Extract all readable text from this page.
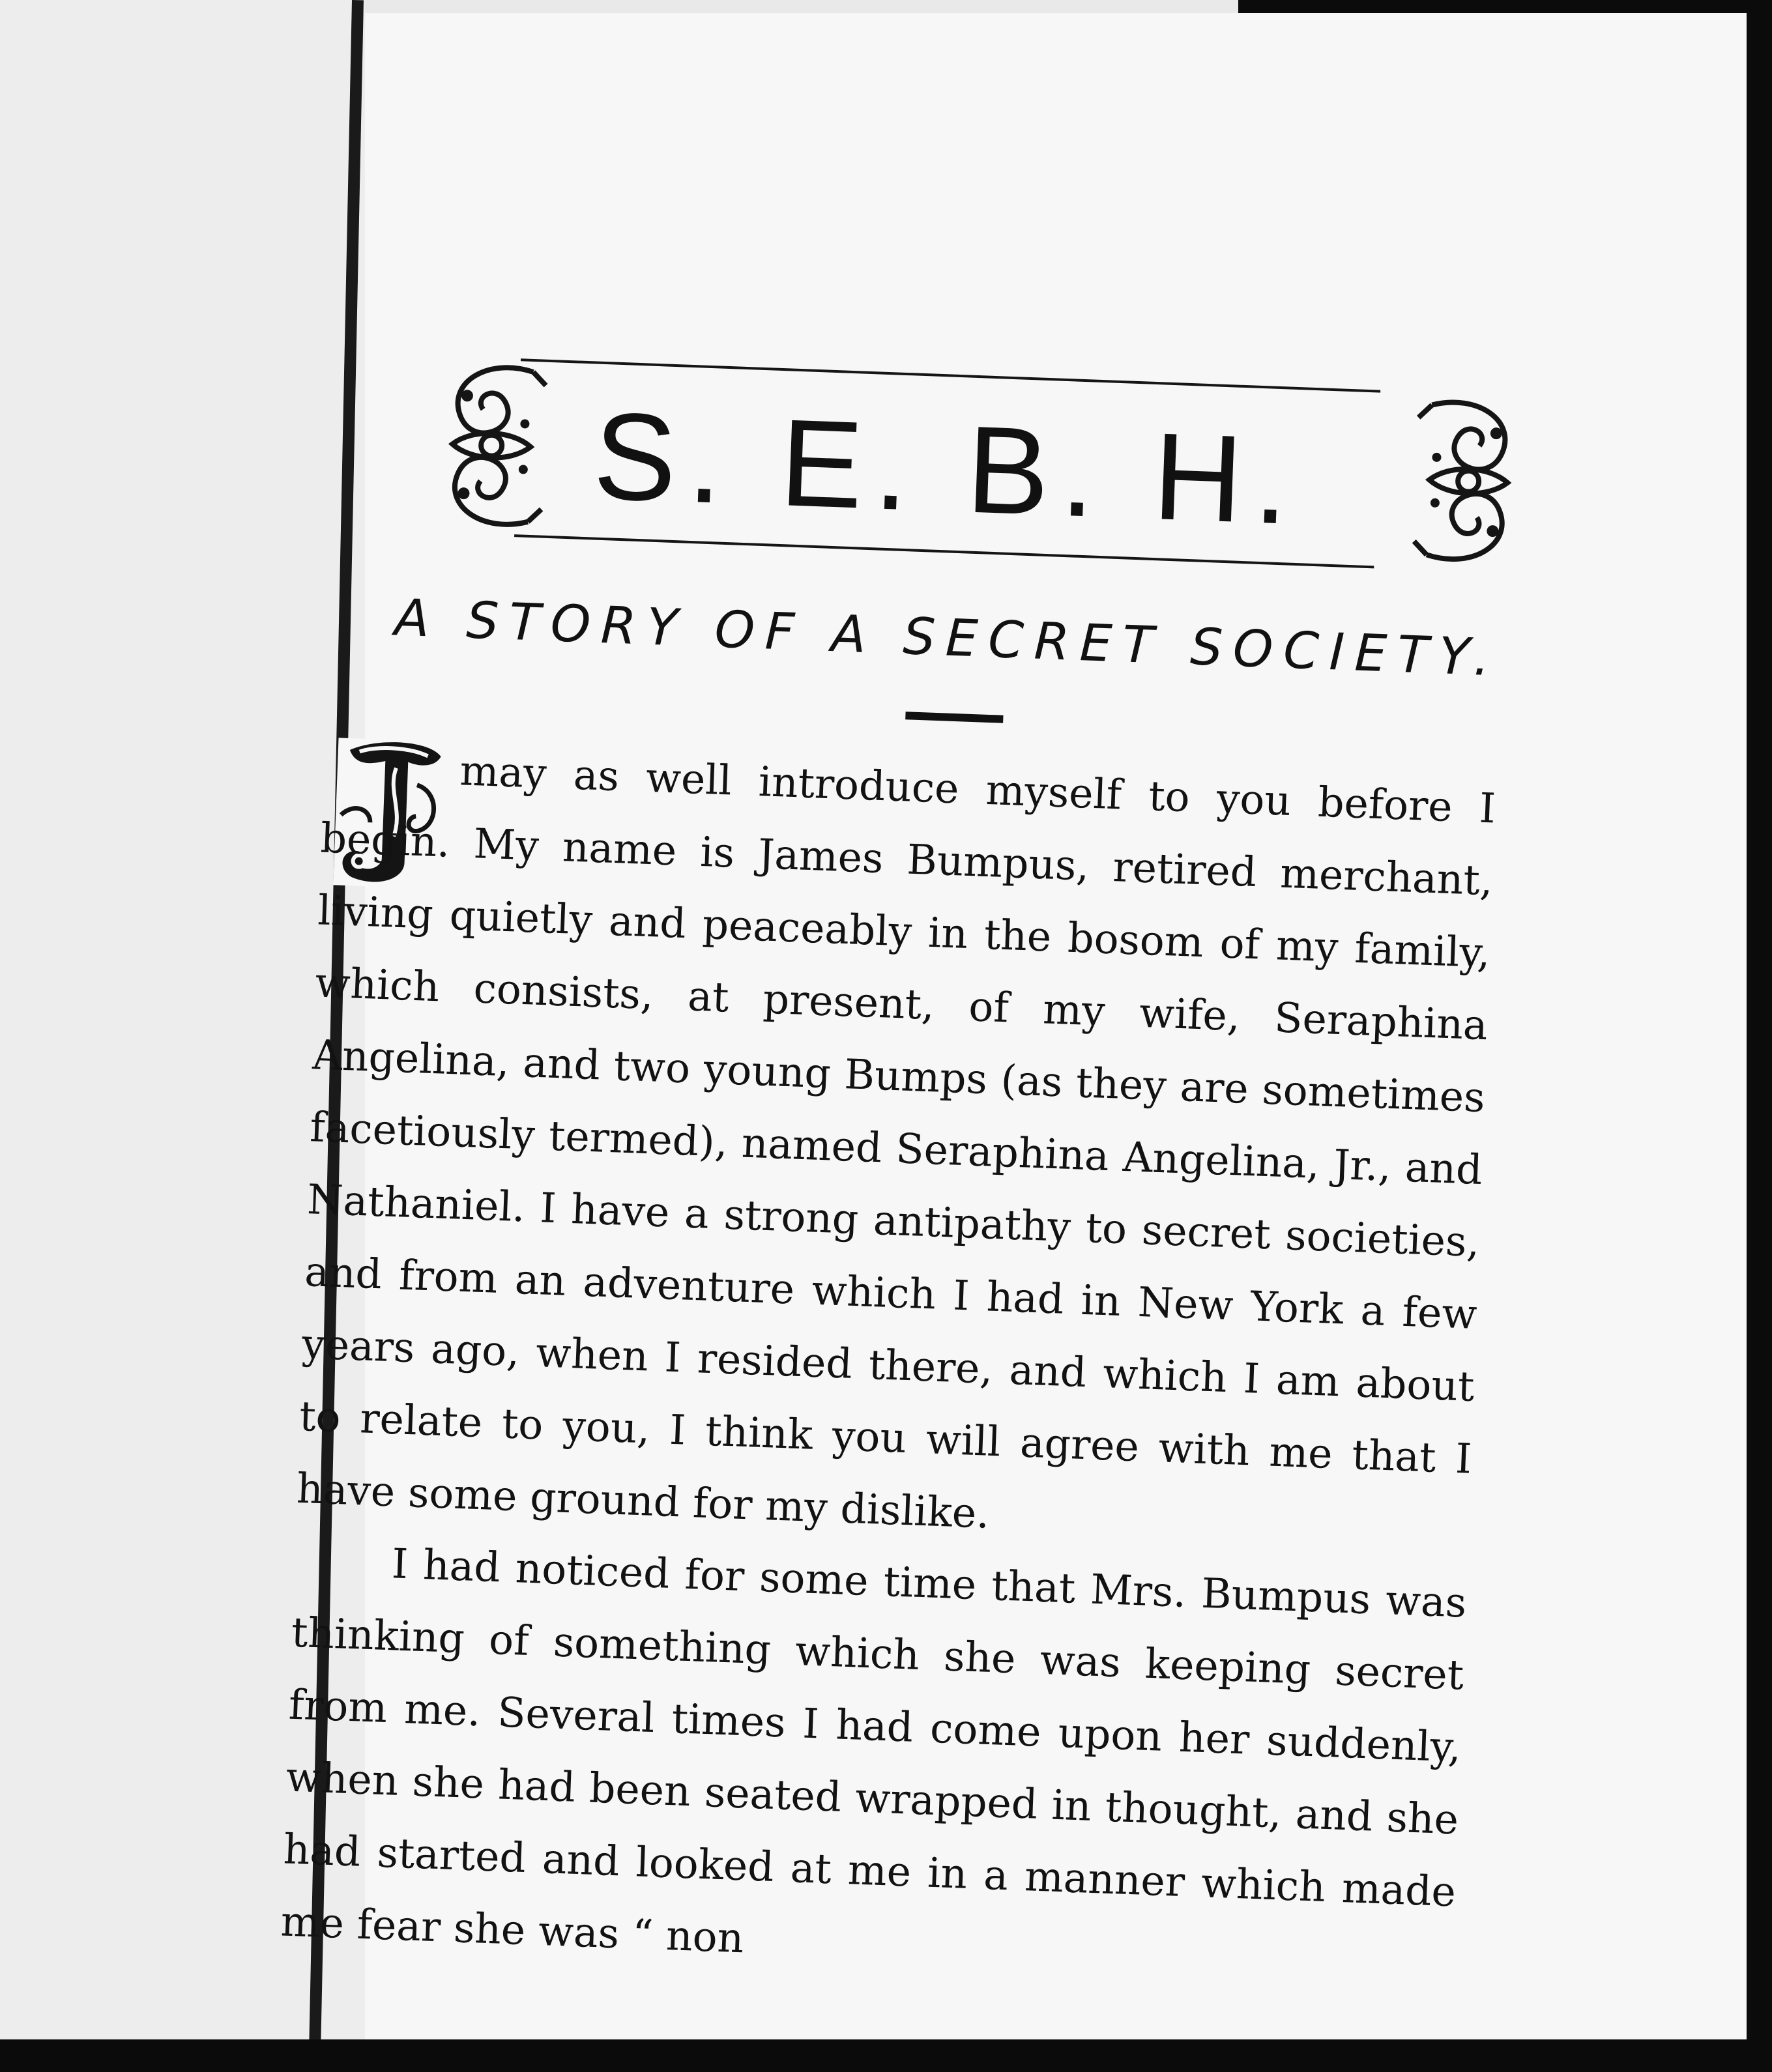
S. E. B. H.
A STORY OF A SECRET SOCIETY.

may as well introduce myself to you before I begin. My name is James Bumpus, retired merchant, living quietly and peaceably in the bosom of my family, which consists, at present, of my wife, Seraphina Angelina, and two young Bumps (as they are sometimes facetiously termed), named Seraphina Angelina, Jr., and Nathaniel. I have a strong antipathy to secret societies, and from an adventure which I had in New York a few years ago, when I resided there, and which I am about to relate to you, I think you will agree with me that I have some ground for my dislike.

I had noticed for some time that Mrs. Bumpus was thinking of something which she was keeping secret from me. Several times I had come upon her suddenly, when she had been seated wrapped in thought, and she had started and looked at me in a manner which made me fear she was “ non
